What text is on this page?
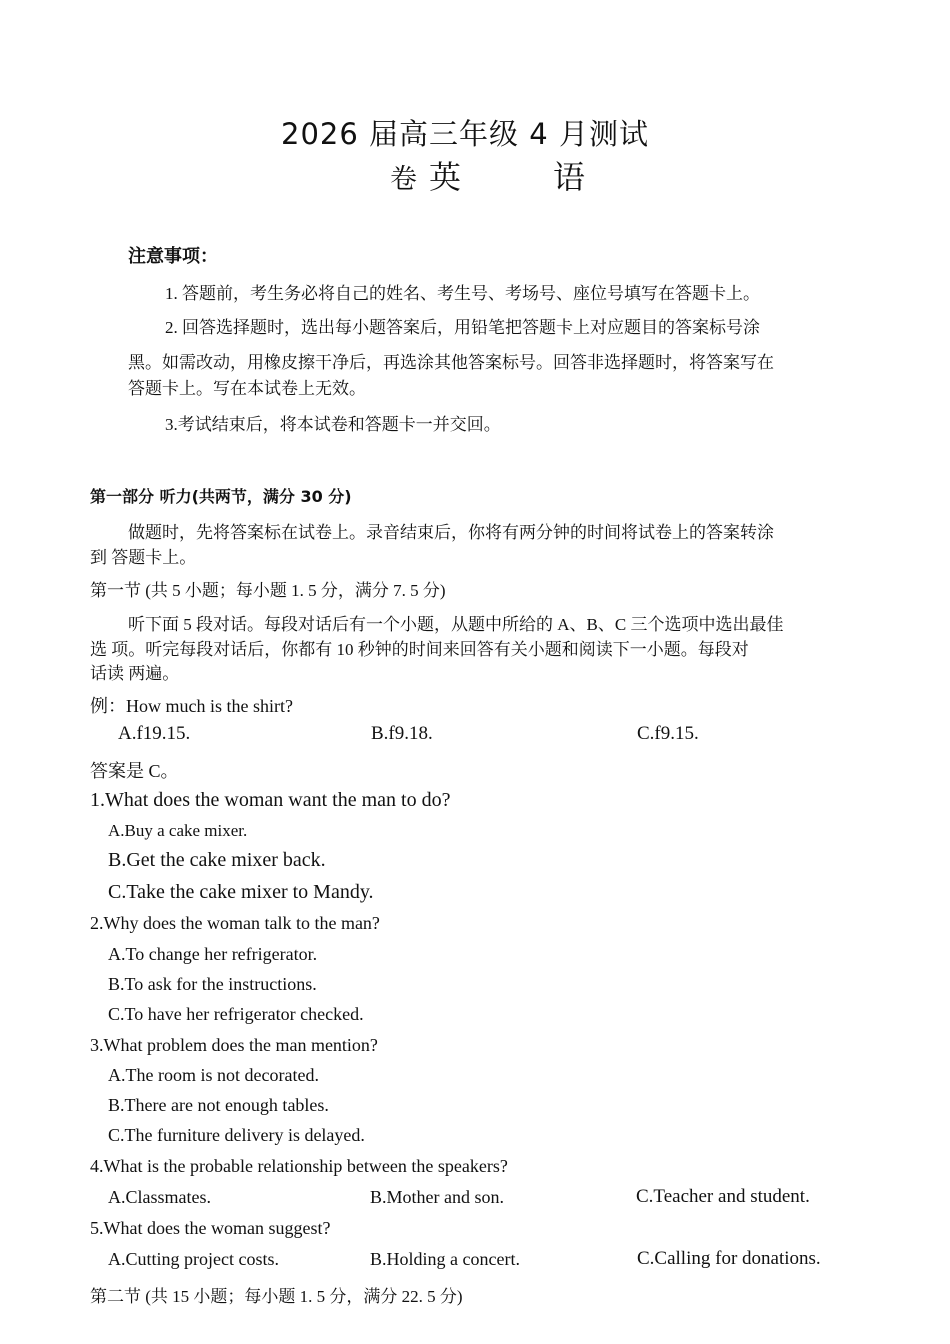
2026 届高三年级 4 月测试
卷 英	语
注意事项：
1. 答题前，考生务必将自己的姓名、考生号、考场号、座位号填写在答题卡上。
2. 回答选择题时，选出每小题答案后，用铅笔把答题卡上对应题目的答案标号涂
黑。如需改动，用橡皮擦干净后，再选涂其他答案标号。回答非选择题时，将答案写在
答题卡上。写在本试卷上无效。
3.考试结束后，将本试卷和答题卡一并交回。
第一部分 听力(共两节，满分 30 分)
做题时，先将答案标在试卷上。录音结束后，你将有两分钟的时间将试卷上的答案转涂
到 答题卡上。
第一节 (共 5 小题；每小题 1. 5 分，满分 7. 5 分)
听下面 5 段对话。每段对话后有一个小题，从题中所给的 A、B、C 三个选项中选出最佳
选 项。听完每段对话后，你都有 10 秒钟的时间来回答有关小题和阅读下一小题。每段对
话读 两遍。
例：How much is the shirt?
A.f19.15.	B.f9.18.	C.f9.15.
答案是 C。
1.What does the woman want the man to do?
A.Buy a cake mixer.
B.Get the cake mixer back.
C.Take the cake mixer to Mandy.
2.Why does the woman talk to the man?
A.To change her refrigerator.
B.To ask for the instructions.
C.To have her refrigerator checked.
3.What problem does the man mention?
A.The room is not decorated.
B.There are not enough tables.
C.The furniture delivery is delayed.
4.What is the probable relationship between the speakers?
A.Classmates.	B.Mother and son.	C.Teacher and student.
5.What does the woman suggest?
A.Cutting project costs.	B.Holding a concert.	C.Calling for donations.
第二节 (共 15 小题；每小题 1. 5 分，满分 22. 5 分)
